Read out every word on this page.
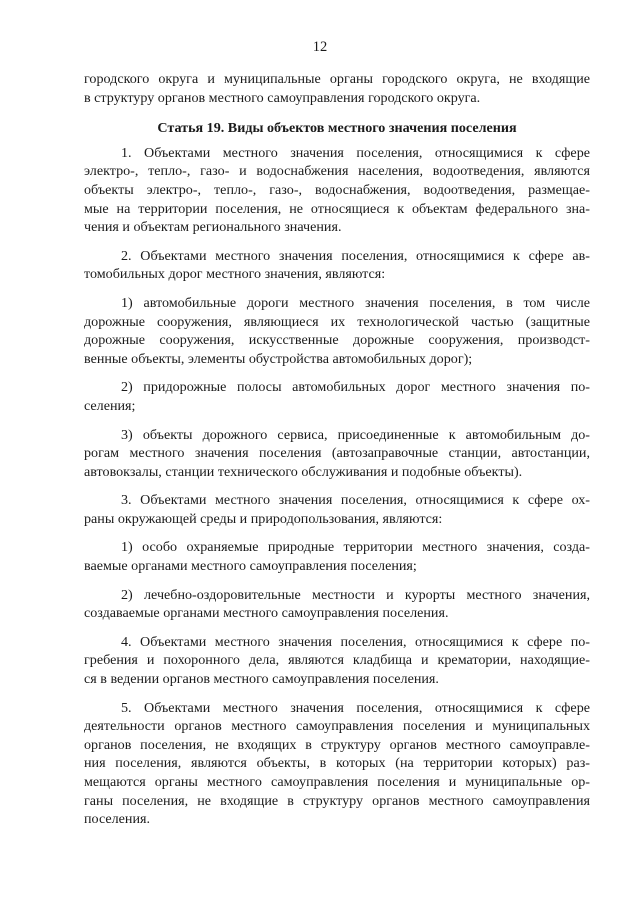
12

городского округа и муниципальные органы городского округа, не входящие

в структуру органов местного самоуправления городского округа.

Статья 19. Виды объектов местного значения поселения

1. Объектами местного значения поселения, относящимися к сфере

электро-, тепло-, газо- и водоснабжения населения, водоотведения, являются

объекты электро-, тепло-, газо-, водоснабжения, водоотведения, размещае-

мые на территории поселения, не относящиеся к объектам федерального зна-

чения и объектам регионального значения.

2. Объектами местного значения поселения, относящимися к сфере ав-

томобильных дорог местного значения, являются:

1) автомобильные дороги местного значения поселения, в том числе

дорожные сооружения, являющиеся их технологической частью (защитные

дорожные сооружения, искусственные дорожные сооружения, производст-

венные объекты, элементы обустройства автомобильных дорог);

2) придорожные полосы автомобильных дорог местного значения по-

селения;

3) объекты дорожного сервиса, присоединенные к автомобильным до-

рогам местного значения поселения (автозаправочные станции, автостанции,

автовокзалы, станции технического обслуживания и подобные объекты).

3. Объектами местного значения поселения, относящимися к сфере ох-

раны окружающей среды и природопользования, являются:

1) особо охраняемые природные территории местного значения, созда-

ваемые органами местного самоуправления поселения;

2) лечебно-оздоровительные местности и курорты местного значения,

создаваемые органами местного самоуправления поселения.

4. Объектами местного значения поселения, относящимися к сфере по-

гребения и похоронного дела, являются кладбища и крематории, находящие-

ся в ведении органов местного самоуправления поселения.

5. Объектами местного значения поселения, относящимися к сфере

деятельности органов местного самоуправления поселения и муниципальных

органов поселения, не входящих в структуру органов местного самоуправле-

ния поселения, являются объекты, в которых (на территории которых) раз-

мещаются органы местного самоуправления поселения и муниципальные ор-

ганы поселения, не входящие в структуру органов местного самоуправления

поселения.
